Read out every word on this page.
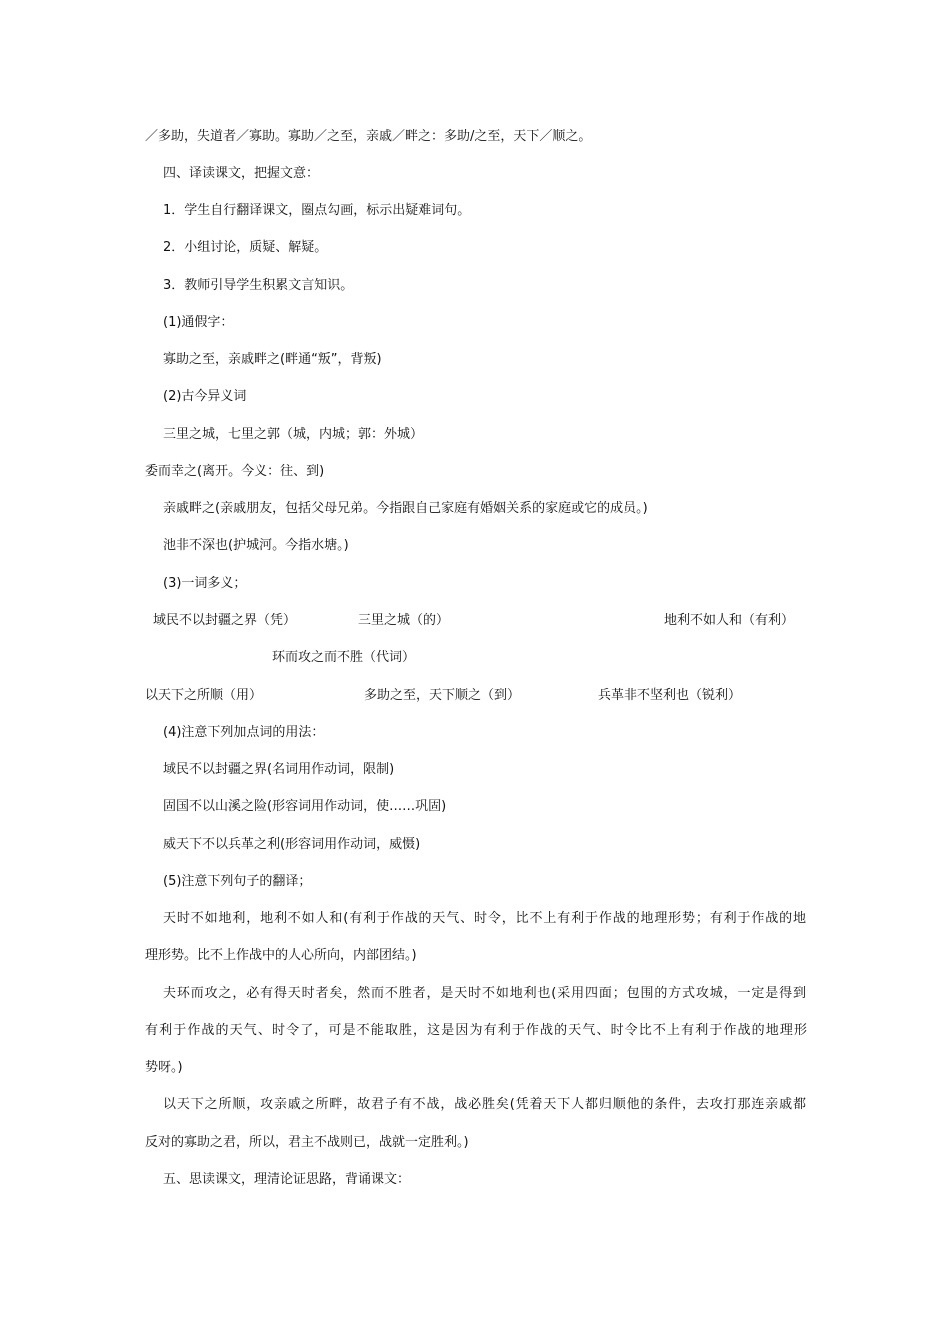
／多助，失道者／寡助。寡助／之至，亲戚／畔之：多助/之至，天下／顺之。
四、译读课文，把握文意：
1．学生自行翻译课文，圈点勾画，标示出疑难词句。
2．小组讨论，质疑、解疑。
3．教师引导学生积累文言知识。
(1)通假字：
寡助之至，亲戚畔之(畔通“叛”，背叛)
(2)古今异义词
三里之城，七里之郭（城，内城；郭：外城）
委而幸之(离开。今义：往、到)
亲戚畔之(亲戚朋友，包括父母兄弟。今指跟自己家庭有婚姻关系的家庭或它的成员。)
池非不深也(护城河。今指水塘。)
(3)一词多义；
域民不以封疆之界（凭）	三里之城（的）	地利不如人和（有利）
环而攻之而不胜（代词）
以天下之所顺（用）	多助之至，天下顺之（到）	兵革非不坚利也（锐利）
(4)注意下列加点词的用法：
域民不以封疆之界(名词用作动词，限制)
固国不以山溪之险(形容词用作动词，使……巩固)
威天下不以兵革之利(形容词用作动词，威慑)
(5)注意下列句子的翻译；
天时不如地利，地利不如人和(有利于作战的天气、时令，比不上有利于作战的地理形势；有利于作战的地
理形势。比不上作战中的人心所向，内部团结。)
夫环而攻之，必有得天时者矣，然而不胜者，是天时不如地利也(采用四面；包围的方式攻城，一定是得到
有利于作战的天气、时令了，可是不能取胜，这是因为有利于作战的天气、时令比不上有利于作战的地理形
势呀。)
以天下之所顺，攻亲戚之所畔，故君子有不战，战必胜矣(凭着天下人都归顺他的条件，去攻打那连亲戚都
反对的寡助之君，所以，君主不战则已，战就一定胜利。)
五、思读课文，理清论证思路，背诵课文：
